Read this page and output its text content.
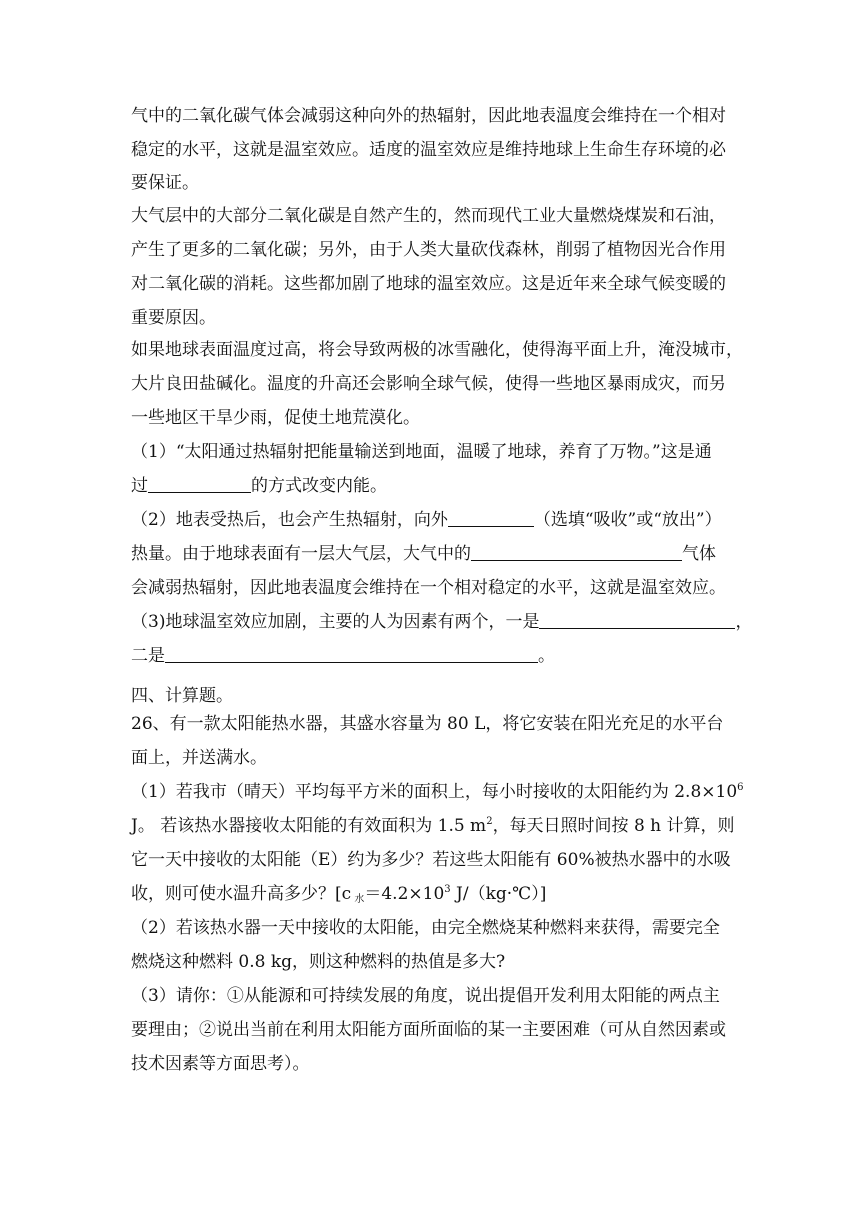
气中的二氧化碳气体会减弱这种向外的热辐射，因此地表温度会维持在一个相对
稳定的水平，这就是温室效应。适度的温室效应是维持地球上生命生存环境的必
要保证。
大气层中的大部分二氧化碳是自然产生的，然而现代工业大量燃烧煤炭和石油，
产生了更多的二氧化碳；另外，由于人类大量砍伐森林，削弱了植物因光合作用
对二氧化碳的消耗。这些都加剧了地球的温室效应。这是近年来全球气候变暖的
重要原因。
如果地球表面温度过高，将会导致两极的冰雪融化，使得海平面上升，淹没城市，
大片良田盐碱化。温度的升高还会影响全球气候，使得一些地区暴雨成灾，而另
一些地区干旱少雨，促使土地荒漠化。
（1）“太阳通过热辐射把能量输送到地面，温暖了地球，养育了万物。”这是通
过	的方式改变内能。
（2）地表受热后，也会产生热辐射，向外	（选填“吸收”或“放出”）
热量。由于地球表面有一层大气层，大气中的	气体
会减弱热辐射，因此地表温度会维持在一个相对稳定的水平，这就是温室效应。
（3)地球温室效应加剧，主要的人为因素有两个，一是	，
二是	。
四、计算题。
26、有一款太阳能热水器，其盛水容量为 80 L，将它安装在阳光充足的水平台
面上，并送满水。
（1）若我市（晴天）平均每平方米的面积上，每小时接收的太阳能约为 $2.8\times 10^6$
J。 若该热水器接收太阳能的有效面积为 1.5 $m^2$，每天日照时间按 8 h 计算，则
它一天中接收的太阳能（E）约为多少？若这些太阳能有 60%被热水器中的水吸
收，则可使水温升高多少？[c $_水=4.2\times 10^3$ J/（kg·℃）]
（2）若该热水器一天中接收的太阳能，由完全燃烧某种燃料来获得，需要完全
燃烧这种燃料 0.8 kg，则这种燃料的热值是多大?
（3）请你：①从能源和可持续发展的角度，说出提倡开发利用太阳能的两点主
要理由；②说出当前在利用太阳能方面所面临的某一主要困难（可从自然因素或
技术因素等方面思考）。
